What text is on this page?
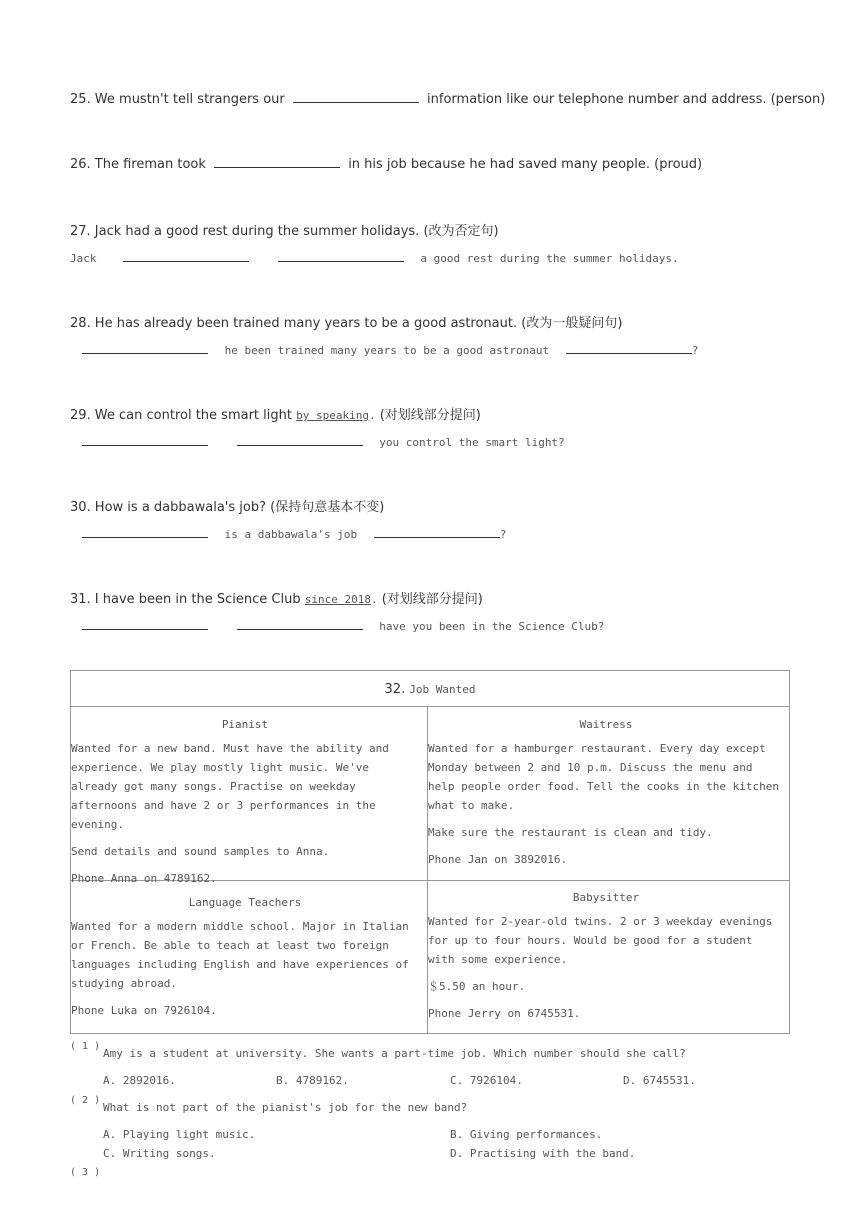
25. We mustn't tell strangers our	information like our telephone number and address. (person)
26. The fireman took	in his job because he had saved many people. (proud)
27. Jack had a good rest during the summer holidays. (改为否定句)
Jack	a good rest during the summer holidays.
28. He has already been trained many years to be a good astronaut. (改为一般疑问句)
he been trained many years to be a good astronaut	?
29. We can control the smart light by speaking. (对划线部分提问)
you control the smart light?
30. How is a dabbawala's job? (保持句意基本不变)
is a dabbawala's job	?
31. I have been in the Science Club since 2018. (对划线部分提问)
have you been in the Science Club?
32. Job Wanted
Pianist
Wanted for a new band. Must have the ability and experience. We play mostly light music. We've already got many songs. Practise on weekday afternoons and have 2 or 3 performances in the evening.
Send details and sound samples to Anna.
Phone Anna on 4789162.
Waitress
Wanted for a hamburger restaurant. Every day except Monday between 2 and 10 p.m. Discuss the menu and help people order food. Tell the cooks in the kitchen what to make.
Make sure the restaurant is clean and tidy.
Phone Jan on 3892016.
Language Teachers
Wanted for a modern middle school. Major in Italian or French. Be able to teach at least two foreign languages including English and have experiences of studying abroad.
Phone Luka on 7926104.
Babysitter
Wanted for 2-year-old twins. 2 or 3 weekday evenings for up to four hours. Would be good for a student with some experience.
＄5.50 an hour.
Phone Jerry on 6745531.
( 1 )
Amy is a student at university. She wants a part-time job. Which number should she call?
A. 2892016.	B. 4789162.	C. 7926104.	D. 6745531.
( 2 )
What is not part of the pianist's job for the new band?
A. Playing light music.	B. Giving performances.
C. Writing songs.	D. Practising with the band.
( 3 )
